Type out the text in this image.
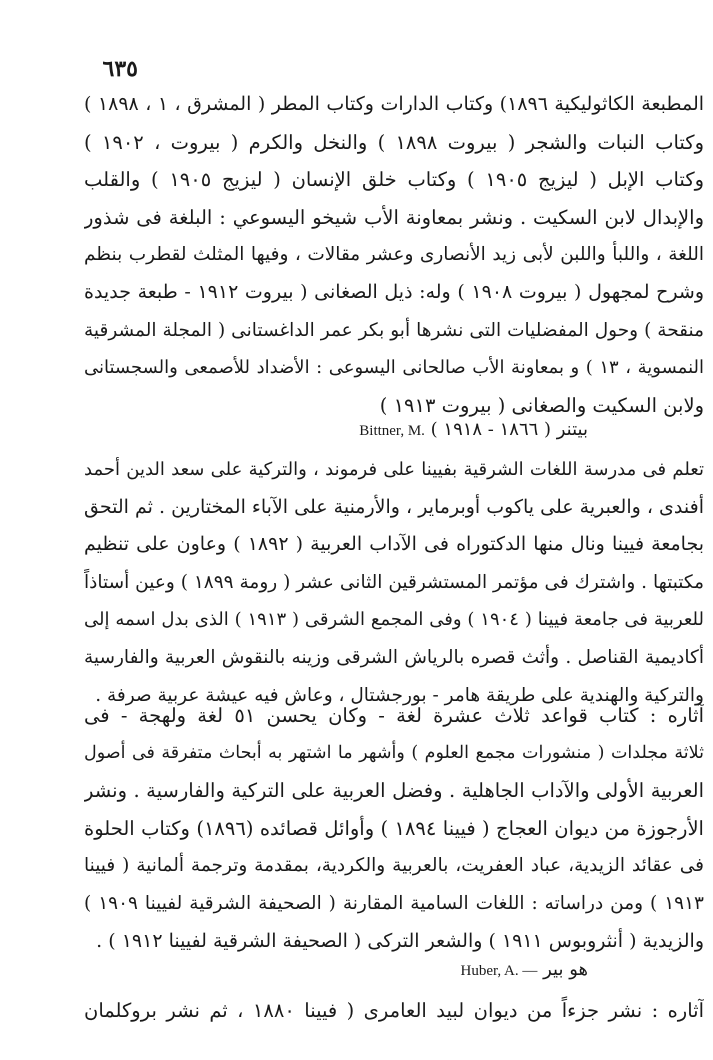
٦٣٥
المطبعة الكاثوليكية ١٨٩٦) وكتاب الدارات وكتاب المطر ( المشرق ، ١ ، ١٨٩٨ )
وكتاب النبات والشجر ( بيروت ١٨٩٨ ) والنخل والكرم ( بيروت ، ١٩٠٢ )
وكتاب الإبل ( ليزيج ١٩٠٥ ) وكتاب خلق الإنسان ( ليزيج ١٩٠٥ ) والقلب
والإبدال لابن السكيت . ونشر بمعاونة الأب شيخو اليسوعي : البلغة فى شذور
اللغة ، واللبأ واللبن لأبى زيد الأنصارى وعشر مقالات ، وفيها المثلث لقطرب بنظم
وشرح لمجهول ( بيروت ١٩٠٨ ) وله: ذيل الصغانى ( بيروت ١٩١٢ - طبعة جديدة
منقحة ) وحول المفضليات التى نشرها أبو بكر عمر الداغستانى ( المجلة المشرقية
النمسوية ، ١٣ ) و بمعاونة الأب صالحانى اليسوعى : الأضداد للأصمعى والسجستانى
ولابن السكيت والصغانى ( بيروت ١٩١٣ )
Bittner, M. ( ١٨٦٦ - ١٩١٨ ) بيتنر
تعلم فى مدرسة اللغات الشرقية بفيينا على فرموند ، والتركية على سعد الدين أحمد
أفندى ، والعبرية على ياكوب أوبرماير ، والأرمنية على الآباء المختارين . ثم التحق
بجامعة فيينا ونال منها الدكتوراه فى الآداب العربية ( ١٨٩٢ ) وعاون على تنظيم
مكتبتها . واشترك فى مؤتمر المستشرقين الثانى عشر ( رومة ١٨٩٩ ) وعين أستاذاً
للعربية فى جامعة فيينا ( ١٩٠٤ ) وفى المجمع الشرقى ( ١٩١٣ ) الذى بدل اسمه إلى
أكاديمية القناصل . وأثث قصره بالرياش الشرقى وزينه بالنقوش العربية والفارسية
والتركية والهندية على طريقة هامر - بورجشتال ، وعاش فيه عيشة عربية صرفة .
آثاره : كتاب قواعد ثلاث عشرة لغة - وكان يحسن ٥١ لغة ولهجة - فى
ثلاثة مجلدات ( منشورات مجمع العلوم ) وأشهر ما اشتهر به أبحاث متفرقة فى أصول
العربية الأولى والآداب الجاهلية . وفضل العربية على التركية والفارسية . ونشر
الأرجوزة من ديوان العجاج ( فيينا ١٨٩٤ ) وأوائل قصائده (١٨٩٦) وكتاب الحلوة
فى عقائد الزيدية، عباد العفريت، بالعربية والكردية، بمقدمة وترجمة ألمانية ( فيينا
١٩١٣ ) ومن دراساته : اللغات السامية المقارنة ( الصحيفة الشرقية لفيينا ١٩٠٩ )
والزيدية ( أنثروبوس ١٩١١ ) والشعر التركى ( الصحيفة الشرقية لفيينا ١٩١٢ ) .
Huber, A. — هو بير
آثاره : نشر جزءاً من ديوان لبيد العامرى ( فيينا ١٨٨٠ ، ثم نشر بروكلمان
